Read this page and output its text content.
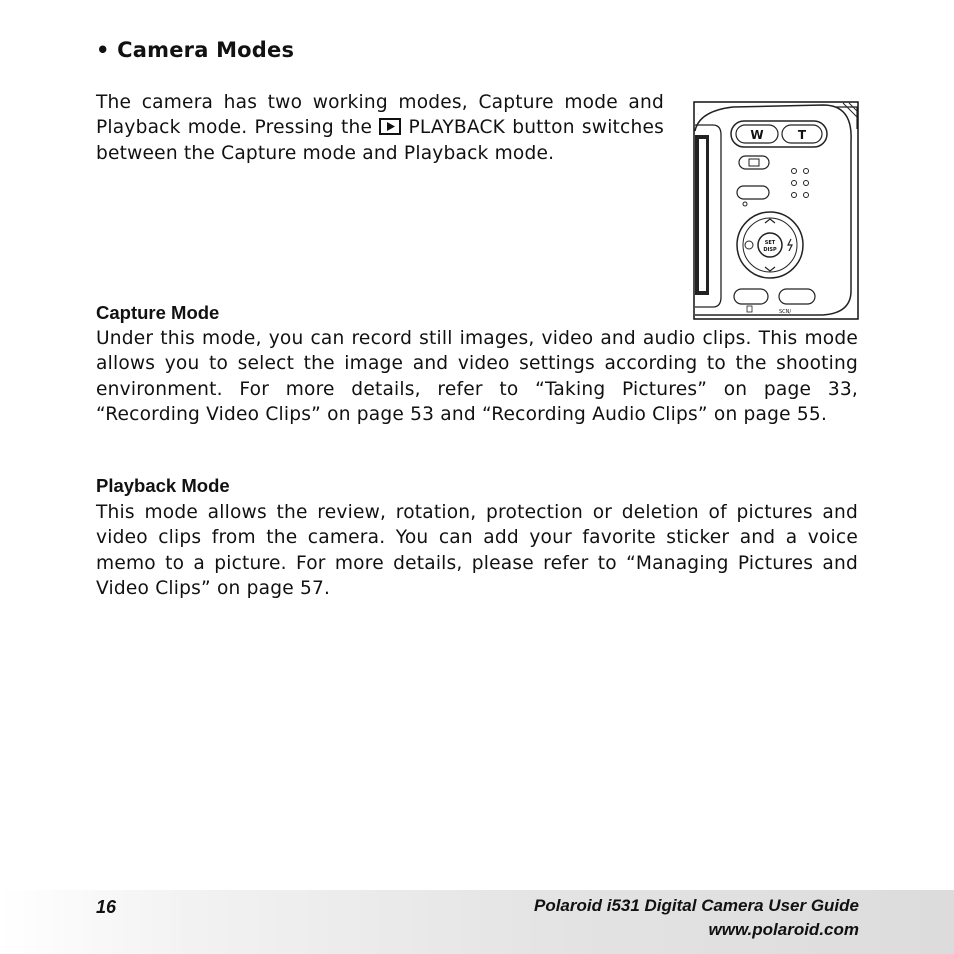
• Camera Modes
The camera has two working modes, Capture mode and Playback mode. Pressing the  PLAYBACK button switches between the Capture mode and Playback mode.
W	T
SET
DISP
SCN/
Capture Mode
Under this mode, you can record still images, video and audio clips. This mode allows you to select the image and video settings according to the shooting environment. For more details, refer to “Taking Pictures” on page 33, “Recording Video Clips” on page 53 and “Recording Audio Clips” on page 55.
Playback Mode
This mode allows the review, rotation, protection or deletion of pictures and video clips from the camera. You can add your favorite sticker and a voice memo to a picture. For more details, please refer to “Managing Pictures and Video Clips” on page 57.
16	Polaroid i531 Digital Camera User Guide
www.polaroid.com
